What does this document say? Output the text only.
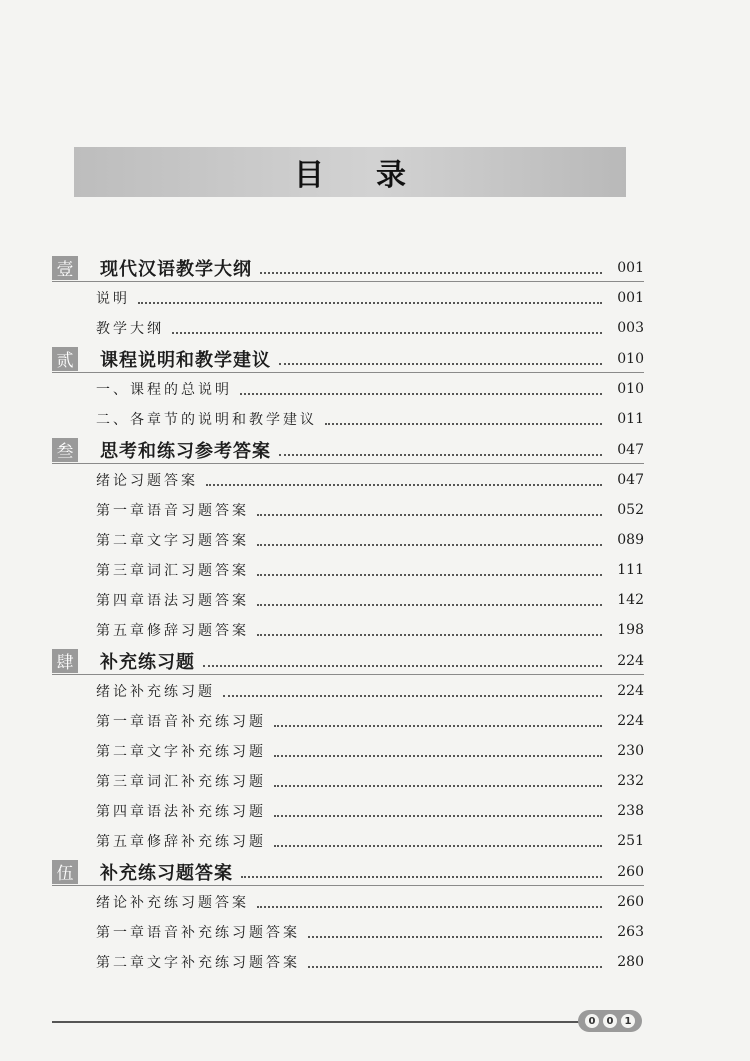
目录
壹 现代汉语教学大纲	001
说明	001
教学大纲	003
贰 课程说明和教学建议	010
一、课程的总说明	010
二、各章节的说明和教学建议	011
叁 思考和练习参考答案	047
绪论习题答案	047
第一章语音习题答案	052
第二章文字习题答案	089
第三章词汇习题答案	111
第四章语法习题答案	142
第五章修辞习题答案	198
肆 补充练习题	224
绪论补充练习题	224
第一章语音补充练习题	224
第二章文字补充练习题	230
第三章词汇补充练习题	232
第四章语法补充练习题	238
第五章修辞补充练习题	251
伍 补充练习题答案	260
绪论补充练习题答案	260
第一章语音补充练习题答案	263
第二章文字补充练习题答案	280
0	0	1
